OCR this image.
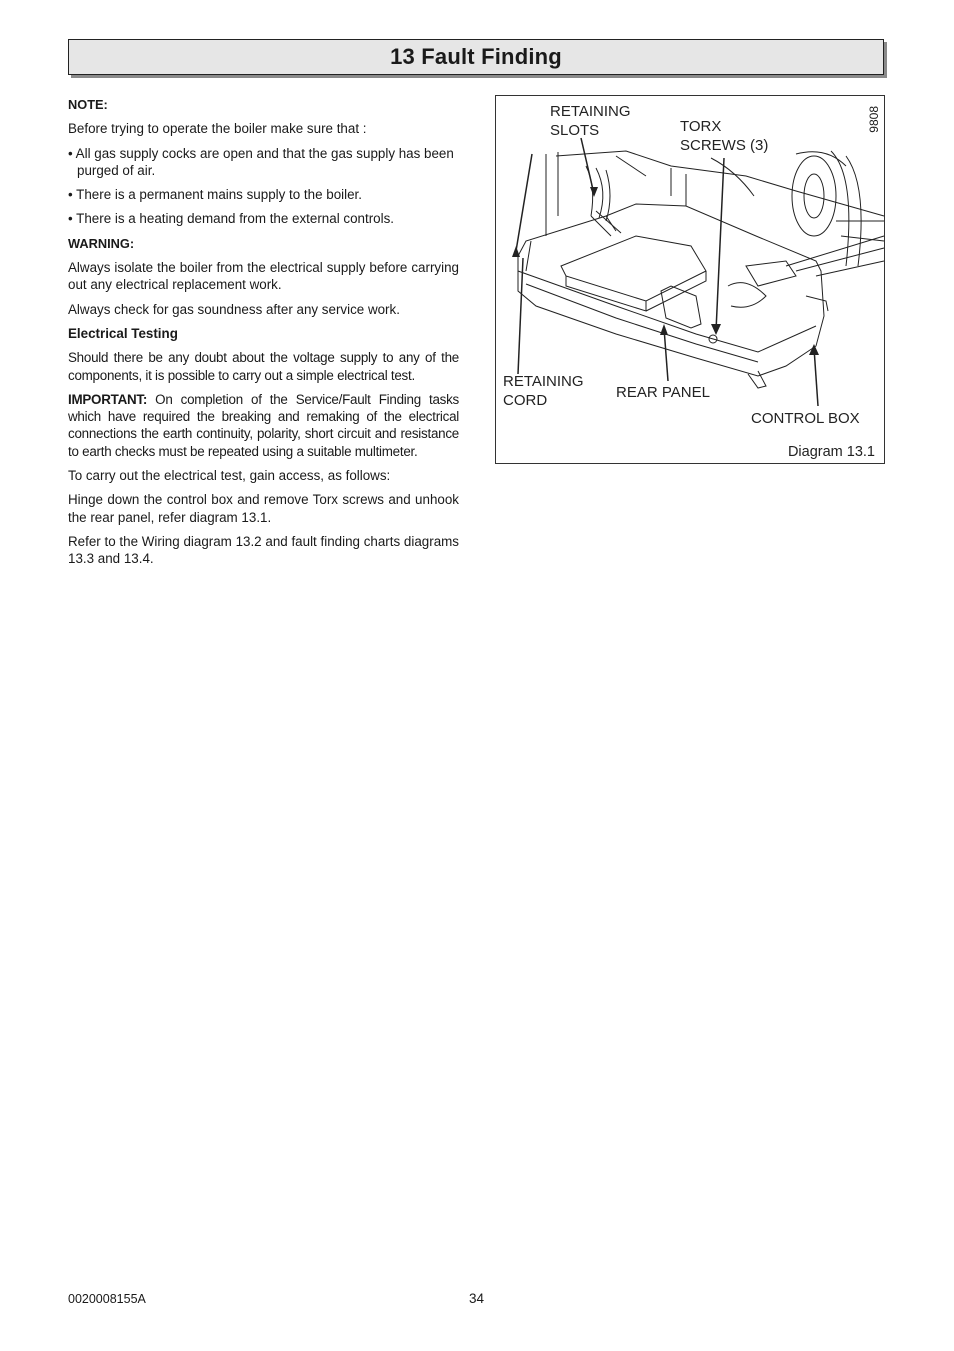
13 Fault Finding

NOTE:

Before trying to operate the boiler make sure that :

• All gas supply cocks are open and that the gas supply has been purged of air.

• There is a permanent mains supply to the boiler.

• There is a heating demand from the external controls.

WARNING:

Always isolate the boiler from the electrical supply before carrying out any electrical replacement work.

Always check for gas soundness after any service work.

Electrical Testing

Should there be any doubt about the voltage supply to any of the components, it is possible to carry out a simple electrical test.

IMPORTANT: On completion of the Service/Fault Finding tasks which have required the breaking and remaking of the electrical connections the earth continuity, polarity, short circuit and resistance to earth checks must be repeated using a suitable multimeter.

To carry out the electrical test, gain access, as follows:

Hinge down the control box and remove Torx screws and unhook the rear panel, refer diagram 13.1.

Refer to the Wiring diagram 13.2 and fault finding charts diagrams 13.3 and 13.4.

RETAINING
SLOTS	TORX
SCREWS (3)
RETAINING
CORD	REAR PANEL
CONTROL BOX
9808
Diagram 13.1
0020008155A	34
